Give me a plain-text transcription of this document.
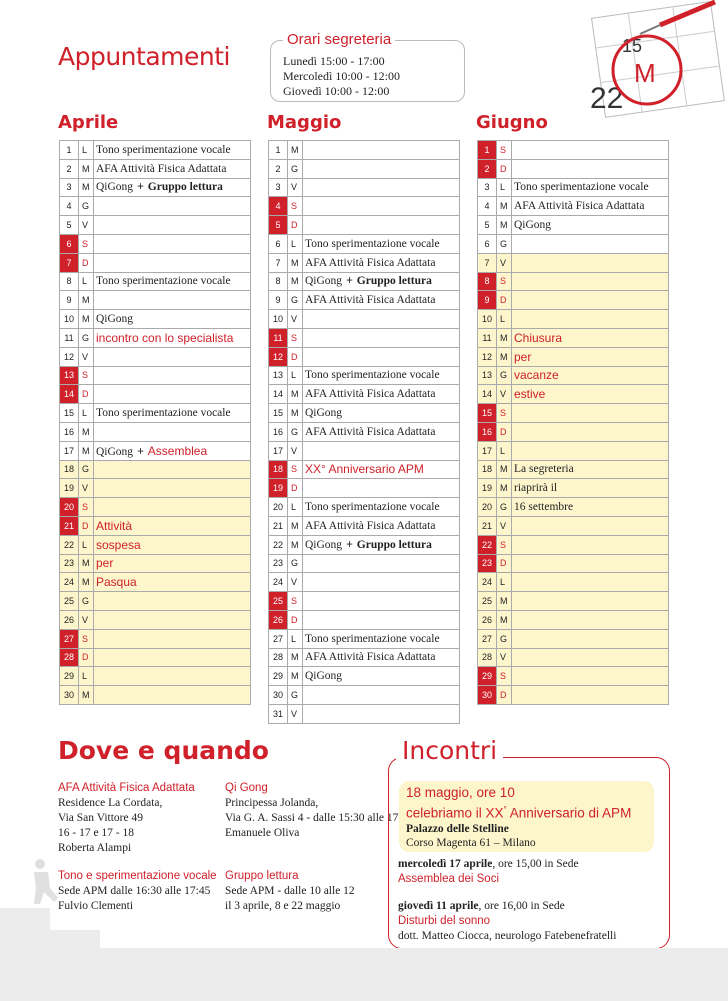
Appuntamenti
Orari segreteria
Lunedì 15:00 - 17:00
Mercoledì 10:00 - 12:00
Giovedì 10:00 - 12:00
15
22
M
Aprile	Maggio	Giugno
1	L	Tono sperimentazione vocale
2	M	AFA Attività Fisica Adattata
3	M	QiGong + Gruppo lettura
4	G	
5	V	
6	S	
7	D	
8	L	Tono sperimentazione vocale
9	M	
10	M	QiGong
11	G	incontro con lo specialista
12	V	
13	S	
14	D	
15	L	Tono sperimentazione vocale
16	M	
17	M	QiGong + Assemblea
18	G	
19	V	
20	S	
21	D	Attività
22	L	sospesa
23	M	per
24	M	Pasqua
25	G	
26	V	
27	S	
28	D	
29	L	
30	M	
1	M	
2	G	
3	V	
4	S	
5	D	
6	L	Tono sperimentazione vocale
7	M	AFA Attività Fisica Adattata
8	M	QiGong + Gruppo lettura
9	G	AFA Attività Fisica Adattata
10	V	
11	S	
12	D	
13	L	Tono sperimentazione vocale
14	M	AFA Attività Fisica Adattata
15	M	QiGong
16	G	AFA Attività Fisica Adattata
17	V	
18	S	XX° Anniversario APM
19	D	
20	L	Tono sperimentazione vocale
21	M	AFA Attività Fisica Adattata
22	M	QiGong + Gruppo lettura
23	G	
24	V	
25	S	
26	D	
27	L	Tono sperimentazione vocale
28	M	AFA Attività Fisica Adattata
29	M	QiGong
30	G	
31	V	
1	S	
2	D	
3	L	Tono sperimentazione vocale
4	M	AFA Attività Fisica Adattata
5	M	QiGong
6	G	
7	V	
8	S	
9	D	
10	L	
11	M	Chiusura
12	M	per
13	G	vacanze
14	V	estive
15	S	
16	D	
17	L	
18	M	La segreteria
19	M	riaprirà il
20	G	16 settembre
21	V	
22	S	
23	D	
24	L	
25	M	
26	M	
27	G	
28	V	
29	S	
30	D	
Dove e quando
AFA Attività Fisica Adattata
Residence La Cordata,
Via San Vittore 49
16 - 17 e 17 - 18
Roberta Alampi
Tono e sperimentazione vocale
Sede APM dalle 16:30 alle 17:45
Fulvio Clementi
Qi Gong
Principessa Jolanda,
Via G. A. Sassi 4 - dalle 15:30 alle 17
Emanuele Oliva
Gruppo lettura
Sede APM - dalle 10 alle 12
il 3 aprile, 8 e 22 maggio
Incontri
18 maggio, ore 10
celebriamo il XX° Anniversario di APM
Palazzo delle Stelline
Corso Magenta 61 – Milano
mercoledì 17 aprile, ore 15,00 in Sede
Assemblea dei Soci
giovedì 11 aprile, ore 16,00 in Sede
Disturbi del sonno
dott. Matteo Ciocca, neurologo Fatebenefratelli
